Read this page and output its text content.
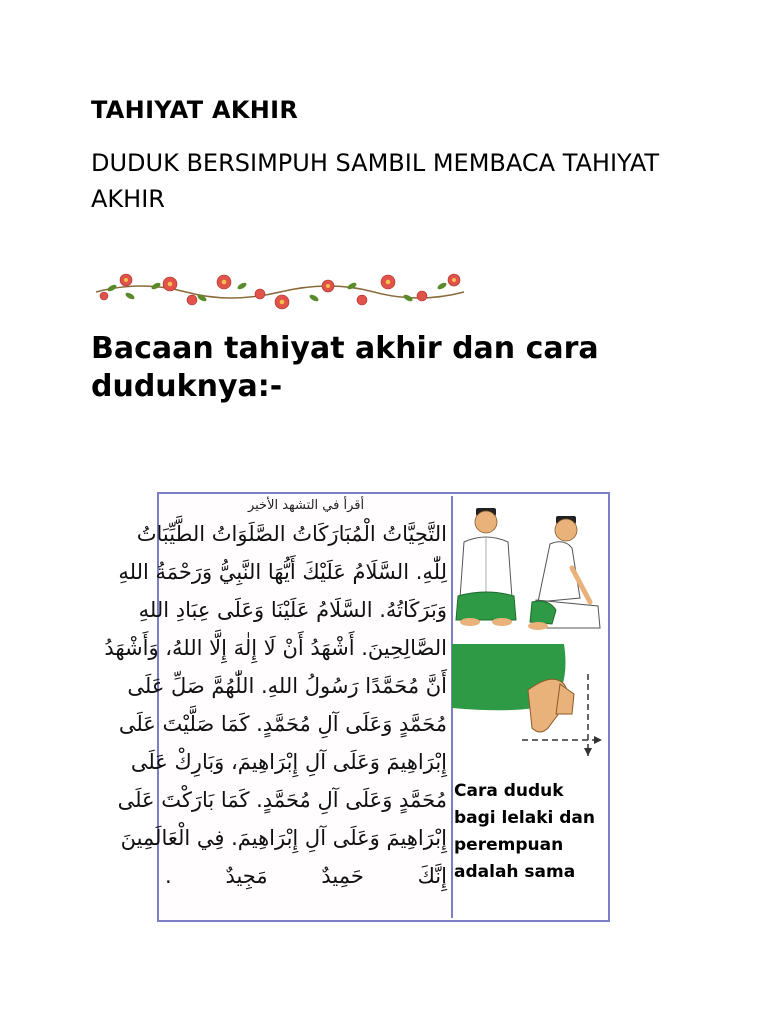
TAHIYAT AKHIR

DUDUK BERSIMPUH SAMBIL MEMBACA TAHIYAT AKHIR

Bacaan tahiyat akhir dan cara duduknya:-
أقرأ في التشهد الأخير
التَّحِيَّاتُ الْمُبَارَكَاتُ الصَّلَوَاتُ الطَّيِّبَاتُ
لِلّٰهِ. السَّلَامُ عَلَيْكَ أَيُّهَا النَّبِيُّ وَرَحْمَةُ اللهِ
وَبَرَكَاتُهُ. السَّلَامُ عَلَيْنَا وَعَلَى عِبَادِ اللهِ
الصَّالِحِينَ. أَشْهَدُ أَنْ لَا إِلٰهَ إِلَّا اللهُ، وَأَشْهَدُ
أَنَّ مُحَمَّدًا رَسُولُ اللهِ. اللّٰهُمَّ صَلِّ عَلَى
مُحَمَّدٍ وَعَلَى آلِ مُحَمَّدٍ. كَمَا صَلَّيْتَ عَلَى
إِبْرَاهِيمَ وَعَلَى آلِ إِبْرَاهِيمَ، وَبَارِكْ عَلَى
مُحَمَّدٍ وَعَلَى آلِ مُحَمَّدٍ. كَمَا بَارَكْتَ عَلَى
إِبْرَاهِيمَ وَعَلَى آلِ إِبْرَاهِيمَ. فِي الْعَالَمِينَ
إِنَّكَ حَمِيدٌ مَجِيدٌ .

Cara duduk bagi lelaki dan perempuan adalah sama
